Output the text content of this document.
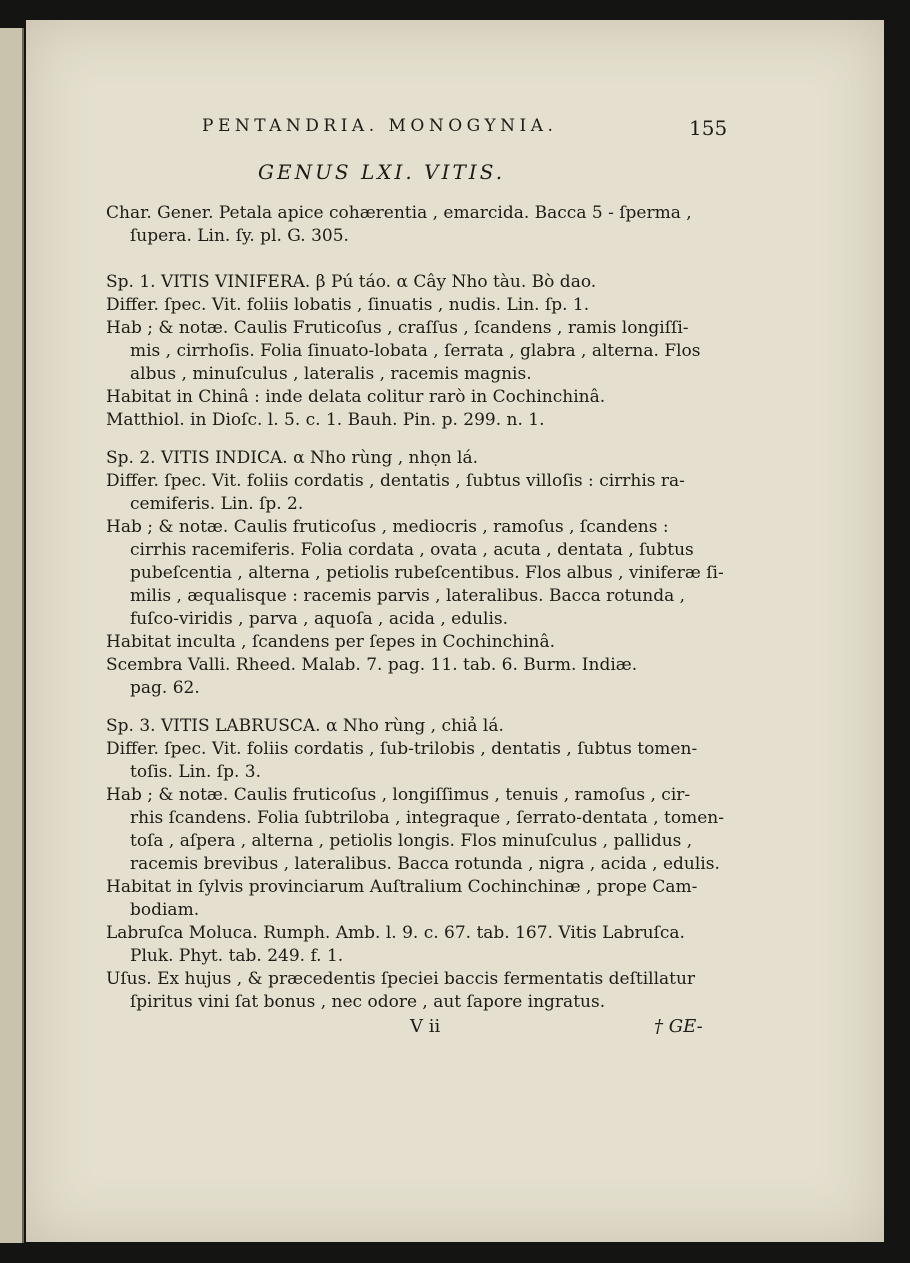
PENTANDRIA. MONOGYNIA.	155
GENUS LXI. VITIS.
Char. Gener. Petala apice cohærentia , emarcida. Bacca 5 - ſperma ,
ſupera. Lin. ſy. pl. G. 305.
Sp. 1. VITIS VINIFERA. β Pú táo. α Cây Nho tàu. Bò dao.
Differ. ſpec. Vit. foliis lobatis , ſinuatis , nudis. Lin. ſp. 1.
Hab ; & notæ. Caulis Fruticoſus , craſſus , ſcandens , ramis longiſſi-
mis , cirrhoſis. Folia ſinuato-lobata , ſerrata , glabra , alterna. Flos
albus , minuſculus , lateralis , racemis magnis.
Habitat in Chinâ : inde delata colitur rarò in Cochinchinâ.
Matthiol. in Dioſc. l. 5. c. 1. Bauh. Pin. p. 299. n. 1.
Sp. 2. VITIS INDICA. α Nho rùng , nhọn lá.
Differ. ſpec. Vit. foliis cordatis , dentatis , ſubtus villoſis : cirrhis ra-
cemiferis. Lin. ſp. 2.
Hab ; & notæ. Caulis fruticoſus , mediocris , ramoſus , ſcandens :
cirrhis racemiferis. Folia cordata , ovata , acuta , dentata , ſubtus
pubeſcentia , alterna , petiolis rubeſcentibus. Flos albus , viniferæ ſi-
milis , æqualisque : racemis parvis , lateralibus. Bacca rotunda ,
fuſco-viridis , parva , aquoſa , acida , edulis.
Habitat inculta , ſcandens per ſepes in Cochinchinâ.
Scembra Valli. Rheed. Malab. 7. pag. 11. tab. 6. Burm. Indiæ.
pag. 62.
Sp. 3. VITIS LABRUSCA. α Nho rùng , chiả lá.
Differ. ſpec. Vit. foliis cordatis , ſub-trilobis , dentatis , ſubtus tomen-
toſis. Lin. ſp. 3.
Hab ; & notæ. Caulis fruticoſus , longiſſimus , tenuis , ramoſus , cir-
rhis ſcandens. Folia ſubtriloba , integraque , ſerrato-dentata , tomen-
toſa , aſpera , alterna , petiolis longis. Flos minuſculus , pallidus ,
racemis brevibus , lateralibus. Bacca rotunda , nigra , acida , edulis.
Habitat in ſylvis provinciarum Auſtralium Cochinchinæ , prope Cam-
bodiam.
Labruſca Moluca. Rumph. Amb. l. 9. c. 67. tab. 167. Vitis Labruſca.
Pluk. Phyt. tab. 249. f. 1.
Uſus. Ex hujus , & præcedentis ſpeciei baccis fermentatis deſtillatur
ſpiritus vini ſat bonus , nec odore , aut ſapore ingratus.
V ii	† GE-
